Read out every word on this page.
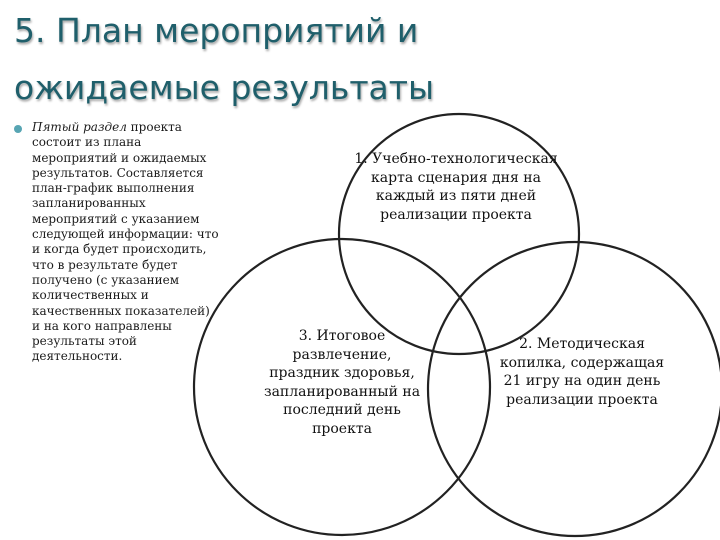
5. План мероприятий и
ожидаемые результаты

Пятый раздел проекта состоит из плана мероприятий и ожидаемых результатов. Составляется план-график выполнения запланированных мероприятий с указанием следующей информации: что и когда будет происходить, что в результате будет получено (с указанием количественных и качественных показателей) и на кого направлены результаты этой деятельности.

1. Учебно-технологическая карта сценария дня на каждый из пяти дней реализации проекта

2. Методическая копилка, содержащая 21 игру на один день реализации проекта

3. Итоговое развлечение, праздник здоровья, запланированный на последний день проекта
